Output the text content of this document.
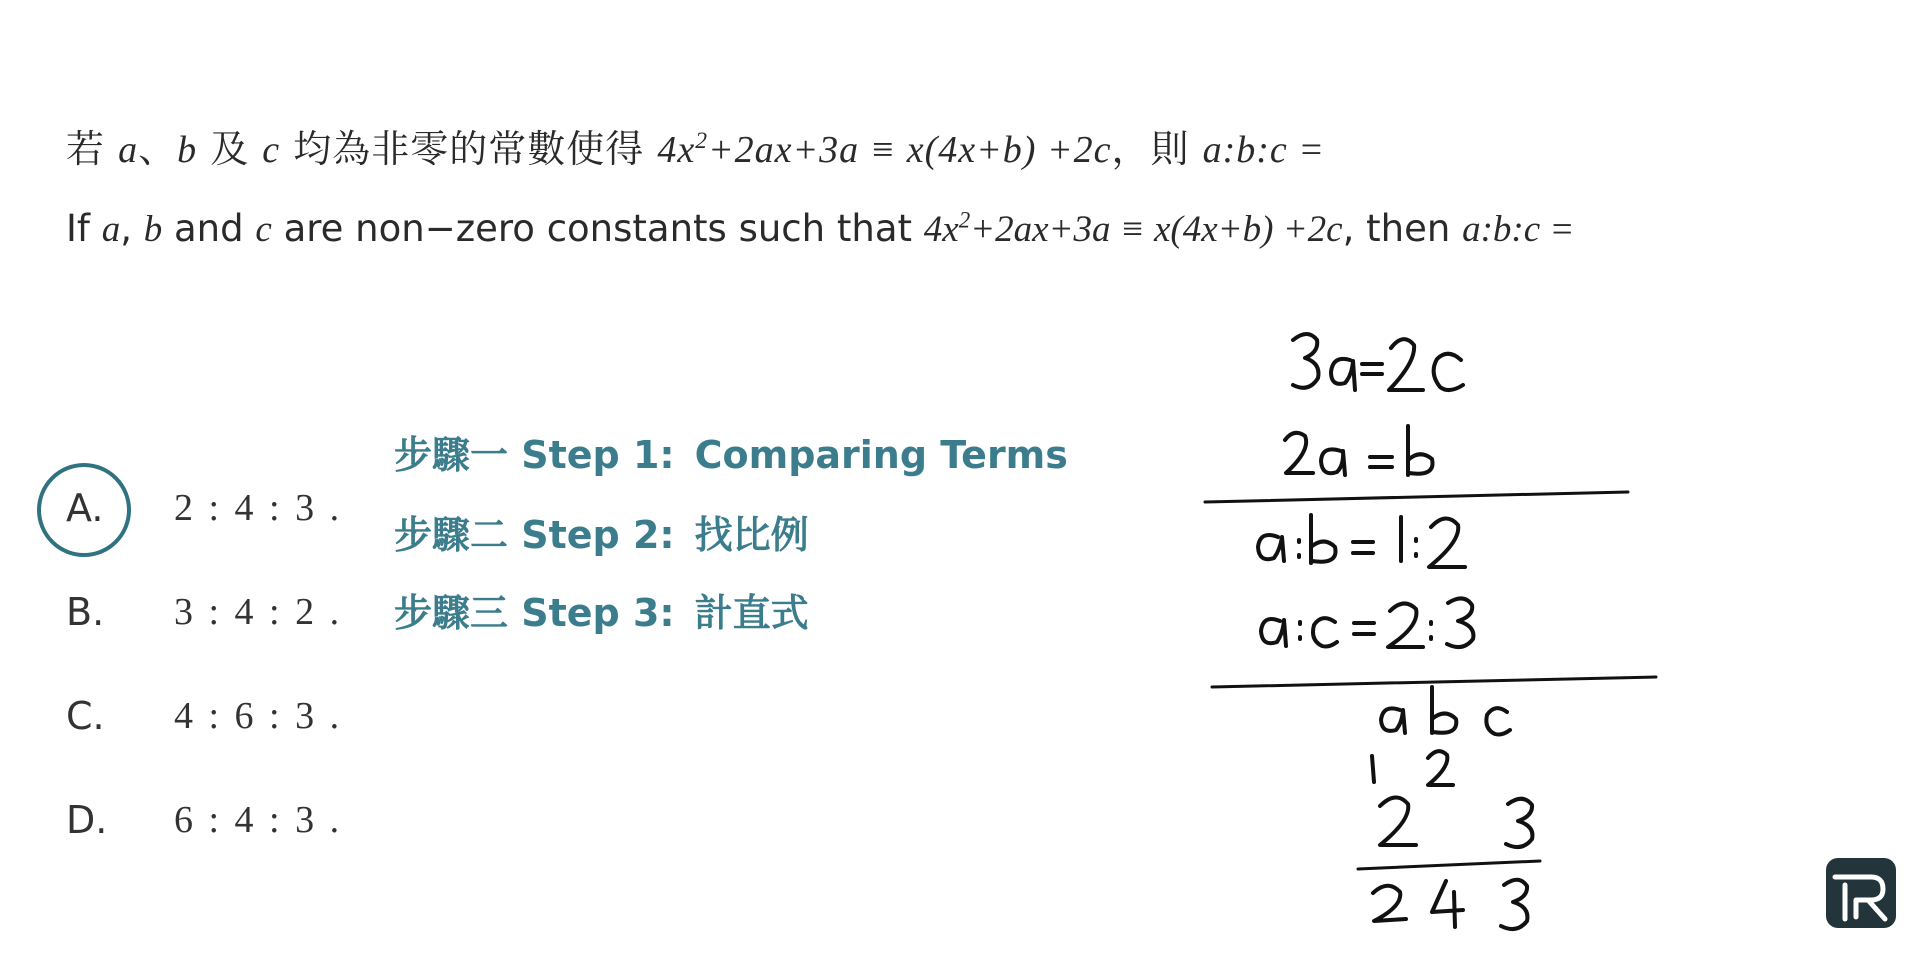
若 a、b 及 c 均為非零的常數使得 $4x^2+2ax+3a \equiv x(4x+b) +2c$，則 a:b:c =
If a, b and c are non−zero constants such that $4x^2+2ax+3a \equiv x(4x+b) +2c$, then a:b:c =
A.	2 : 4 : 3 .
B.	3 : 4 : 2 .
C.	4 : 6 : 3 .
D.	6 : 4 : 3 .
步驟一 Step 1: Comparing Terms
步驟二 Step 2: 找比例
步驟三 Step 3: 計直式
